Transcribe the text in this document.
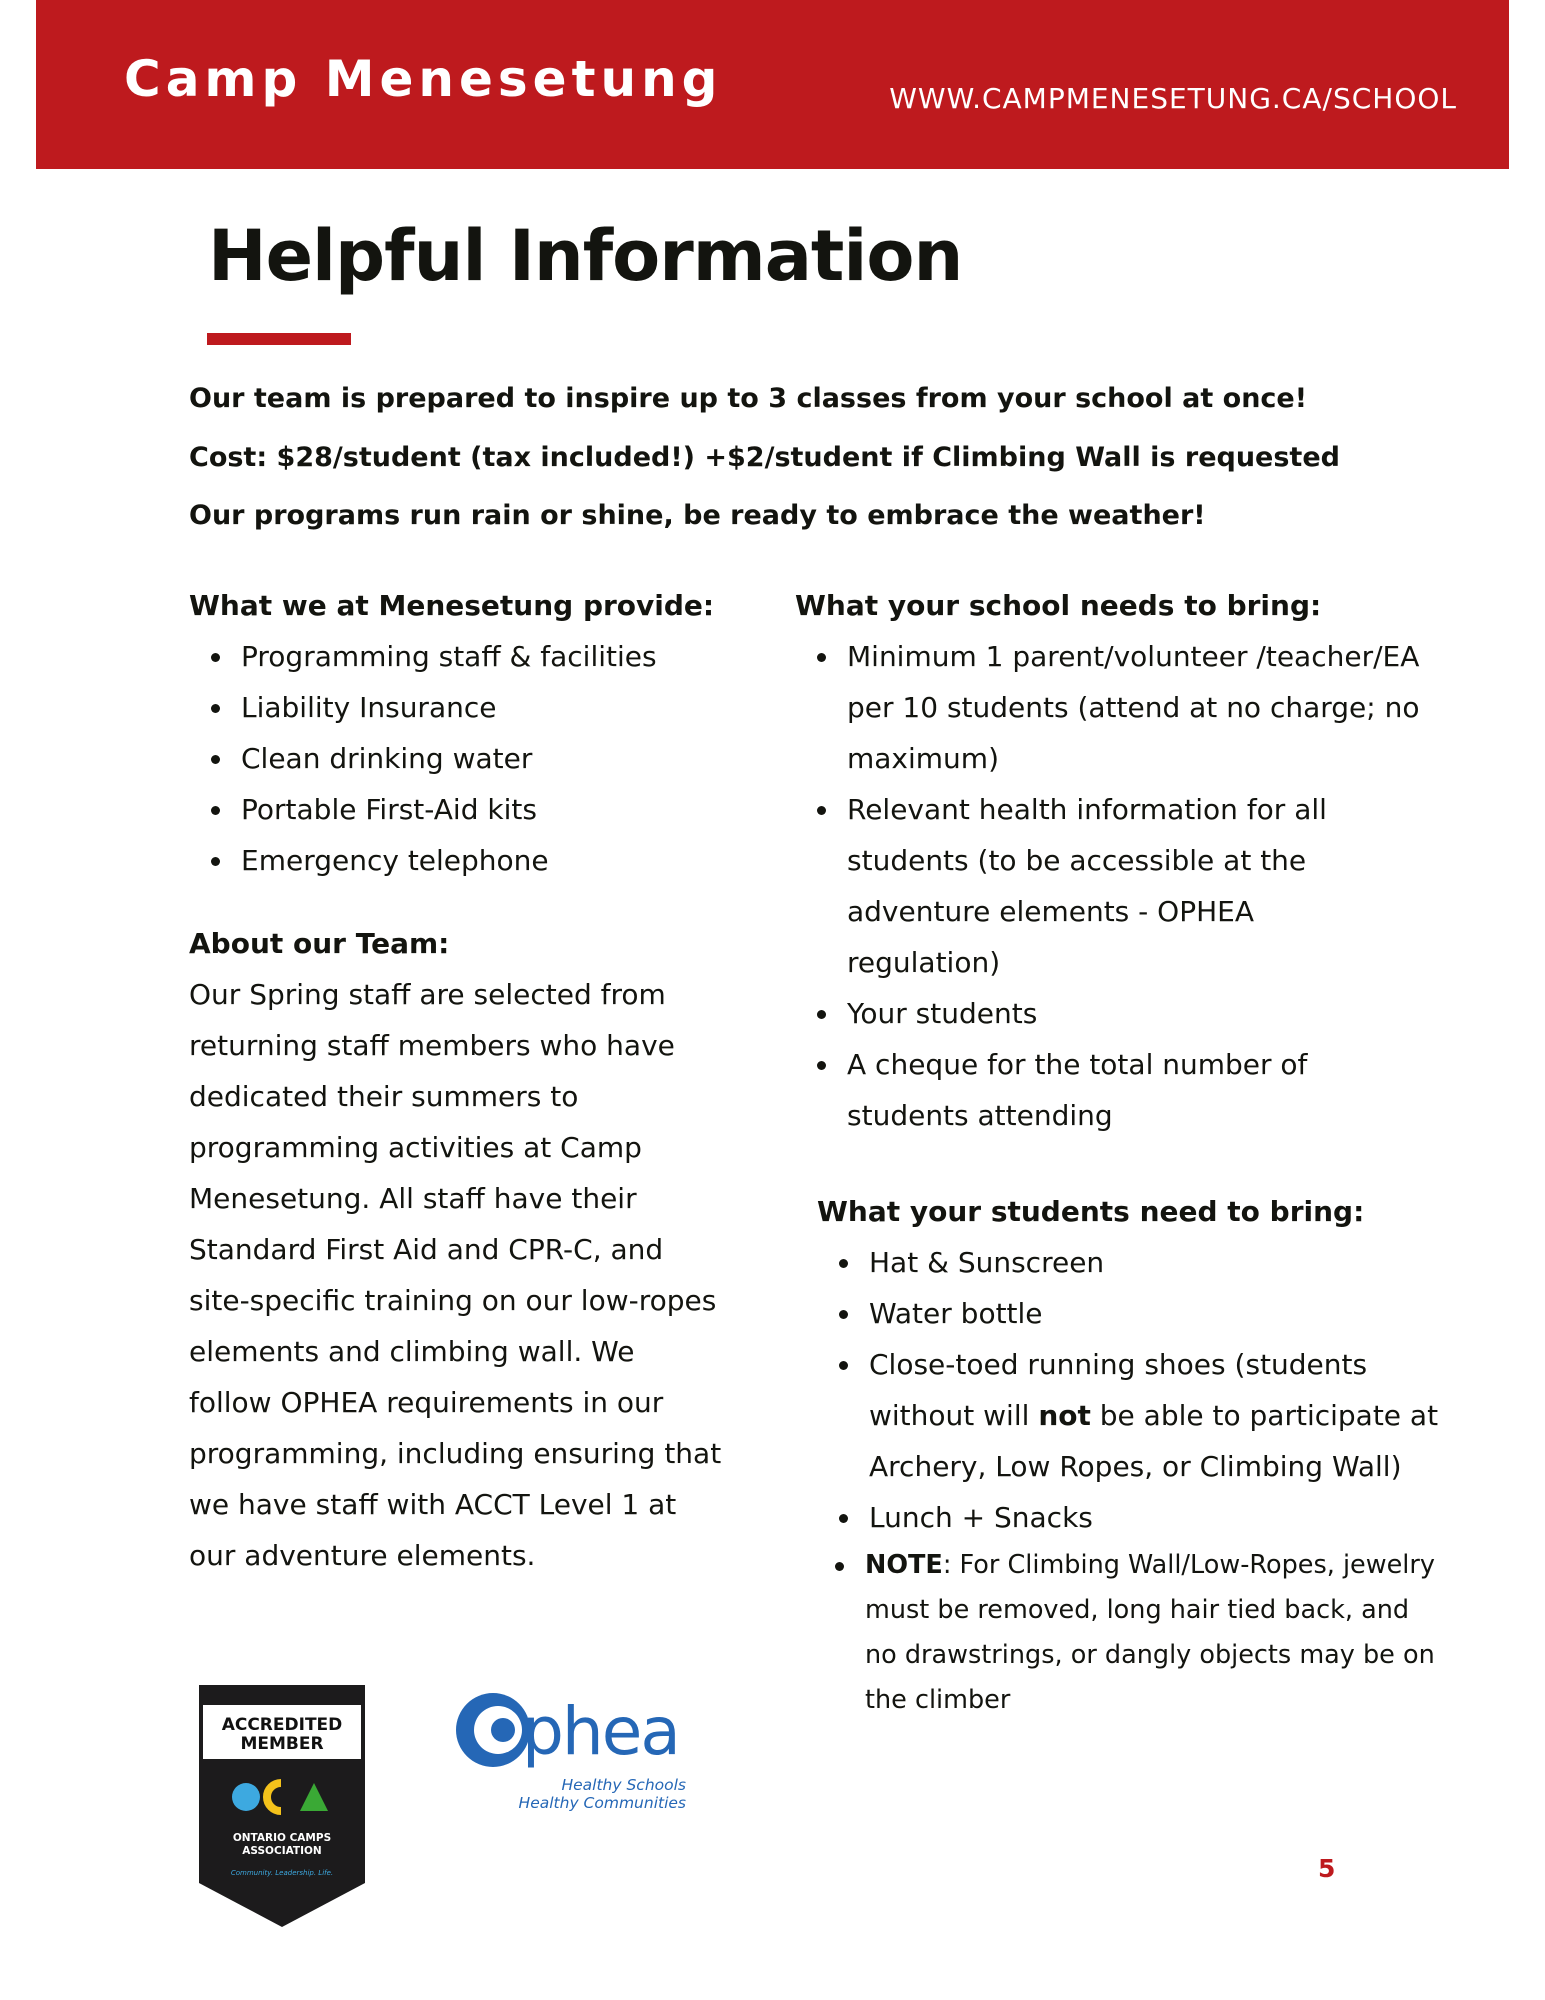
Camp Menesetung	WWW.CAMPMENESETUNG.CA/SCHOOL
Helpful Information

Our team is prepared to inspire up to 3 classes from your school at once!

Cost: $28/student (tax included!) +$2/student if Climbing Wall is requested

Our programs run rain or shine, be ready to embrace the weather!

What we at Menesetung provide:
Programming staff & facilities
Liability Insurance
Clean drinking water
Portable First-Aid kits
Emergency telephone
About our Team:

Our Spring staff are selected from returning staff members who have dedicated their summers to programming activities at Camp Menesetung. All staff have their Standard First Aid and CPR-C, and site-specific training on our low-ropes elements and climbing wall. We follow OPHEA requirements in our programming, including ensuring that we have staff with ACCT Level 1 at our adventure elements.

What your school needs to bring:
Minimum 1 parent/volunteer /teacher/EA per 10 students (attend at no charge; no maximum)
Relevant health information for all students (to be accessible at the adventure elements - OPHEA regulation)
Your students
A cheque for the total number of students attending
What your students need to bring:
Hat & Sunscreen
Water bottle
Close-toed running shoes (students without will not be able to participate at Archery, Low Ropes, or Climbing Wall)
Lunch + Snacks
NOTE: For Climbing Wall/Low-Ropes, jewelry must be removed, long hair tied back, and no drawstrings, or dangly objects may be on the climber
ACCREDITED
MEMBER
ONTARIO CAMPS
ASSOCIATION
Community. Leadership. Life.
phea
Healthy Schools
Healthy Communities
5
